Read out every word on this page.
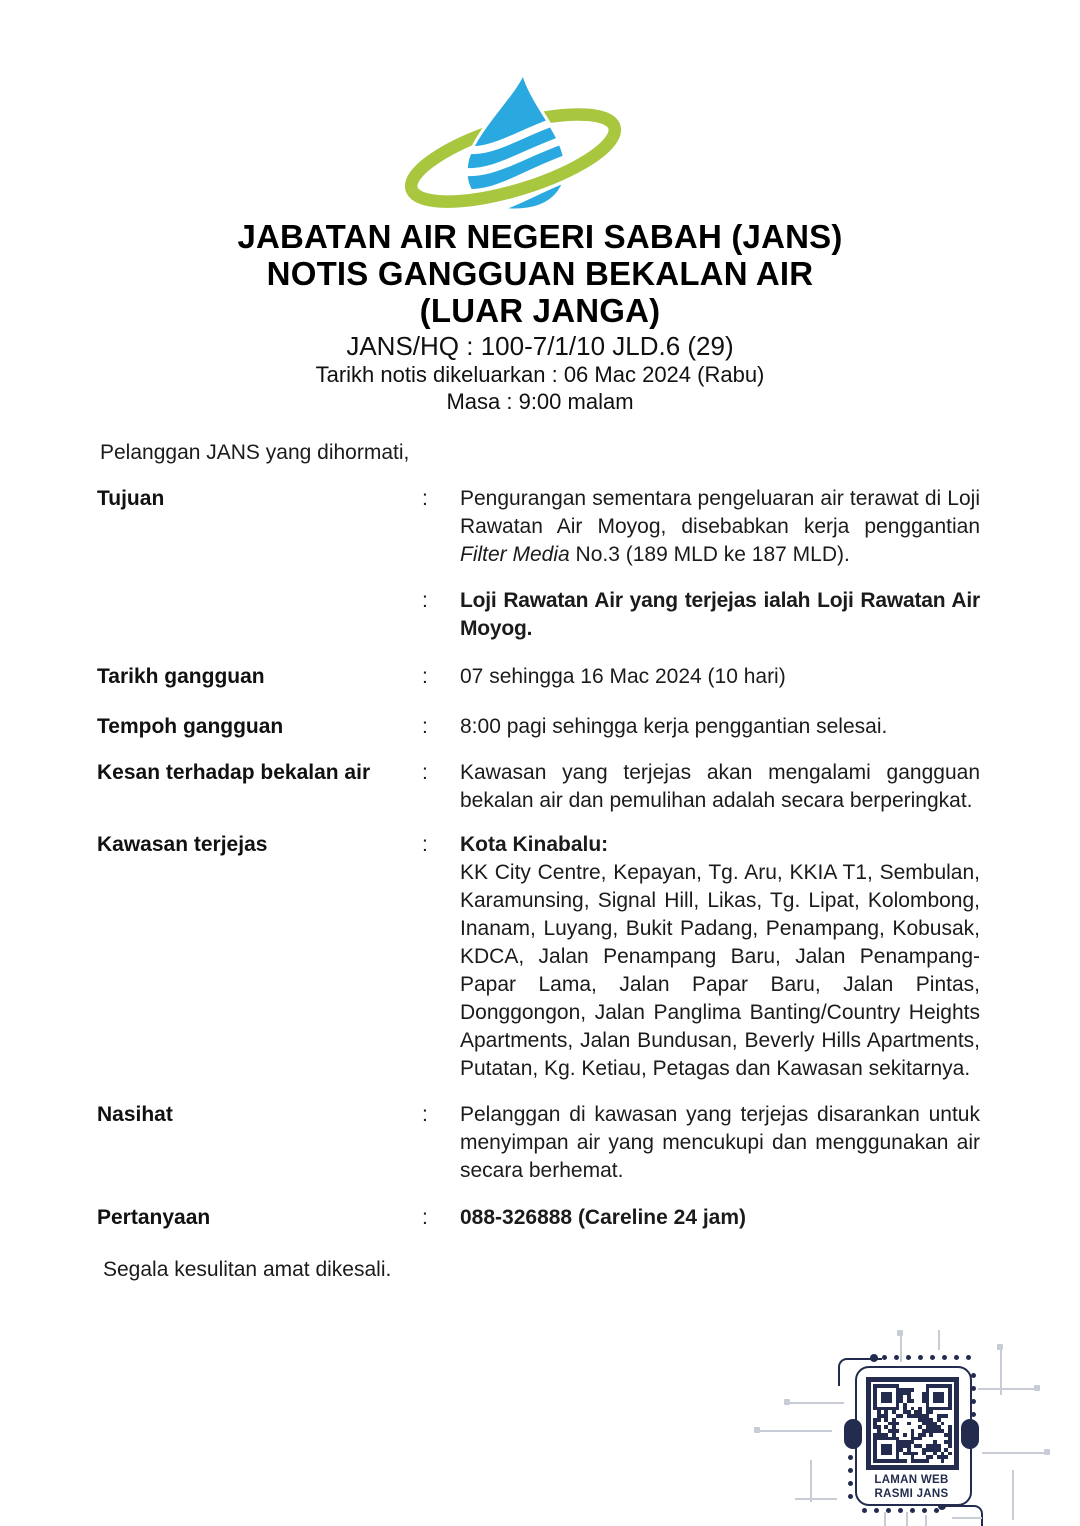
JABATAN AIR NEGERI SABAH (JANS)
NOTIS GANGGUAN BEKALAN AIR
(LUAR JANGA)
JANS/HQ : 100-7/1/10 JLD.6 (29)
Tarikh notis dikeluarkan : 06 Mac 2024 (Rabu)
Masa : 9:00 malam
Pelanggan JANS yang dihormati,
Tujuan	:	Pengurangan sementara pengeluaran air terawat di Loji Rawatan Air Moyog, disebabkan kerja penggantian Filter Media No.3 (189 MLD ke 187 MLD).
:	Loji Rawatan Air yang terjejas ialah Loji Rawatan Air Moyog.
Tarikh gangguan	:	07 sehingga 16 Mac 2024 (10 hari)
Tempoh gangguan	:	8:00 pagi sehingga kerja penggantian selesai.
Kesan terhadap bekalan air	:	Kawasan yang terjejas akan mengalami gangguan bekalan air dan pemulihan adalah secara berperingkat.
Kawasan terjejas	:	Kota Kinabalu:
KK City Centre, Kepayan, Tg. Aru, KKIA T1, Sembulan, Karamunsing, Signal Hill, Likas, Tg. Lipat, Kolombong, Inanam, Luyang, Bukit Padang, Penampang, Kobusak, KDCA, Jalan Penampang Baru, Jalan Penampang-Papar Lama, Jalan Papar Baru, Jalan Pintas, Donggongon, Jalan Panglima Banting/Country Heights Apartments, Jalan Bundusan, Beverly Hills Apartments, Putatan, Kg. Ketiau, Petagas dan Kawasan sekitarnya.
Nasihat	:	Pelanggan di kawasan yang terjejas disarankan untuk menyimpan air yang mencukupi dan menggunakan air secara berhemat.
Pertanyaan	:	088-326888 (Careline 24 jam)
Segala kesulitan amat dikesali.
LAMAN WEB
RASMI JANS
